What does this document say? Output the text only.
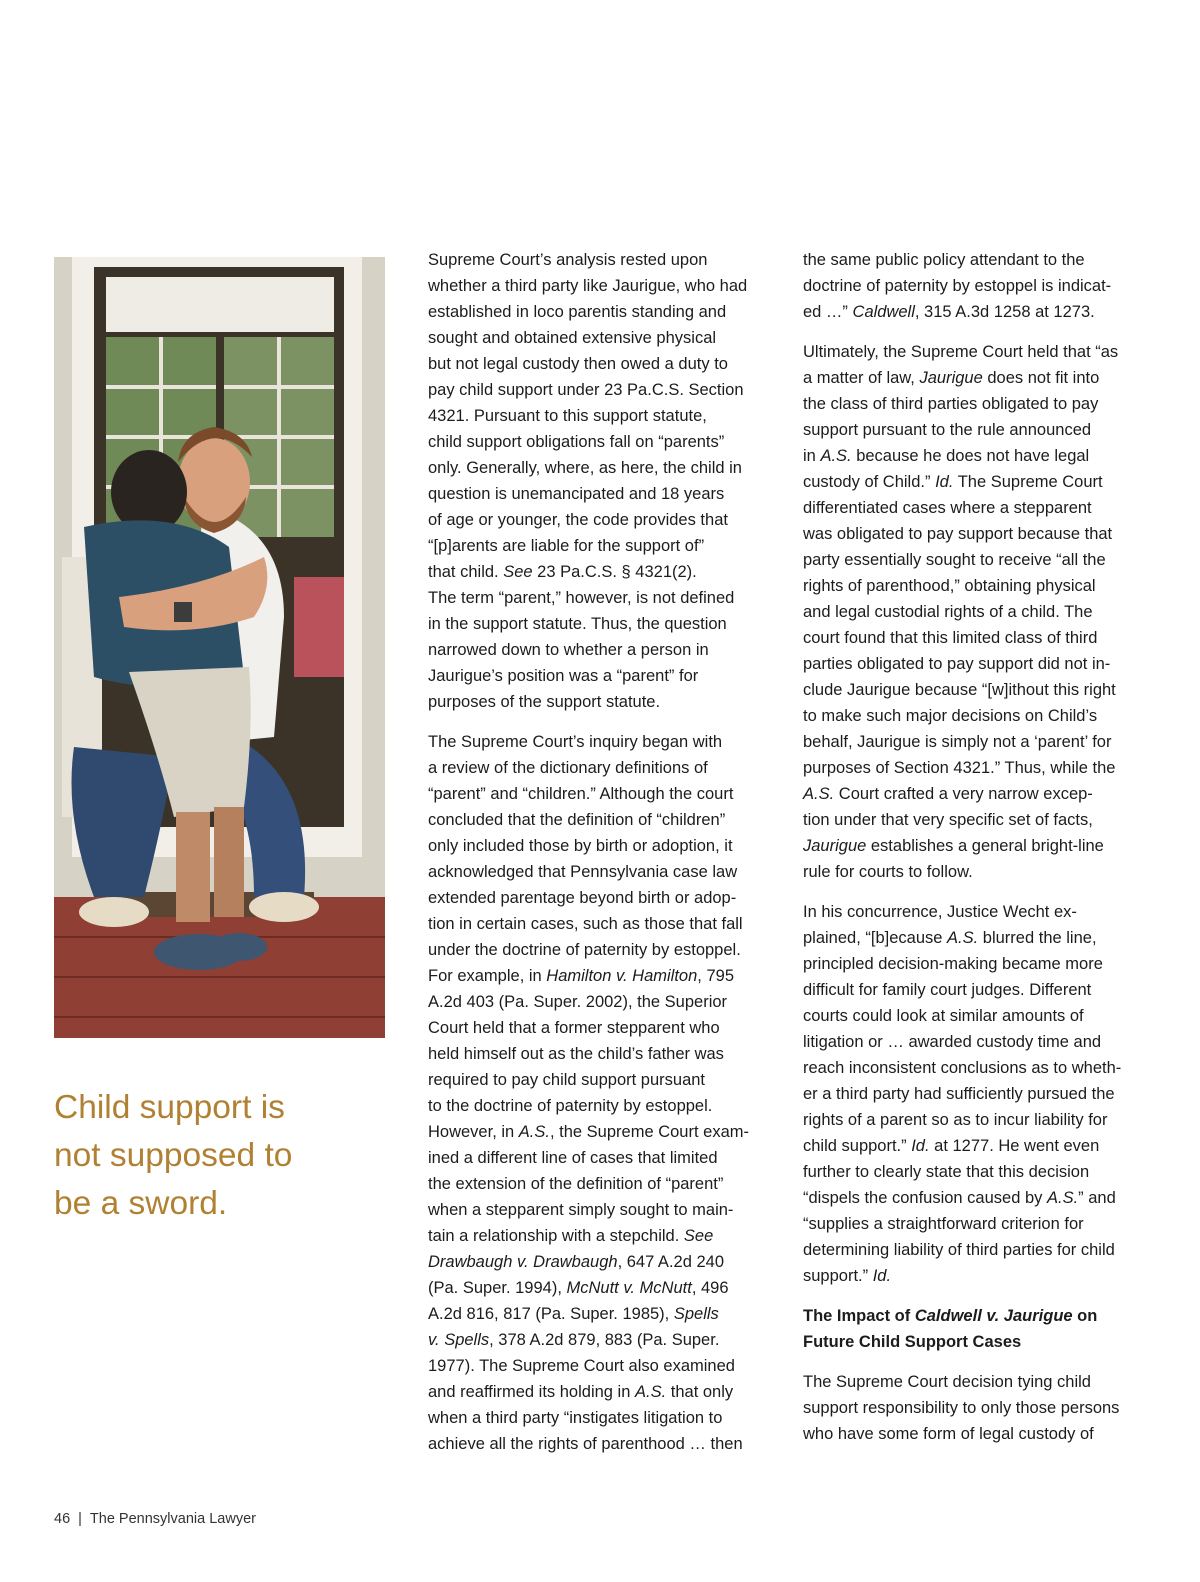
Child support is
not supposed to
be a sword.

Supreme Court’s analysis rested upon
whether a third party like Jaurigue, who had
established in loco parentis standing and
sought and obtained extensive physical
but not legal custody then owed a duty to
pay child support under 23 Pa.C.S. Section
4321. Pursuant to this support statute,
child support obligations fall on “parents”
only. Generally, where, as here, the child in
question is unemancipated and 18 years
of age or younger, the code provides that
“[p]arents are liable for the support of”
that child. See 23 Pa.C.S. § 4321(2).
The term “parent,” however, is not defined
in the support statute. Thus, the question
narrowed down to whether a person in
Jaurigue’s position was a “parent” for
purposes of the support statute.

The Supreme Court’s inquiry began with
a review of the dictionary definitions of
“parent” and “children.” Although the court
concluded that the definition of “children”
only included those by birth or adoption, it
acknowledged that Pennsylvania case law
extended parentage beyond birth or adop-
tion in certain cases, such as those that fall
under the doctrine of paternity by estoppel.
For example, in Hamilton v. Hamilton, 795
A.2d 403 (Pa. Super. 2002), the Superior
Court held that a former stepparent who
held himself out as the child’s father was
required to pay child support pursuant
to the doctrine of paternity by estoppel.
However, in A.S., the Supreme Court exam-
ined a different line of cases that limited
the extension of the definition of “parent”
when a stepparent simply sought to main-
tain a relationship with a stepchild. See
Drawbaugh v. Drawbaugh, 647 A.2d 240
(Pa. Super. 1994), McNutt v. McNutt, 496
A.2d 816, 817 (Pa. Super. 1985), Spells
v. Spells, 378 A.2d 879, 883 (Pa. Super.
1977). The Supreme Court also examined
and reaffirmed its holding in A.S. that only
when a third party “instigates litigation to
achieve all the rights of parenthood … then

the same public policy attendant to the
doctrine of paternity by estoppel is indicat-
ed …” Caldwell, 315 A.3d 1258 at 1273.

Ultimately, the Supreme Court held that “as
a matter of law, Jaurigue does not fit into
the class of third parties obligated to pay
support pursuant to the rule announced
in A.S. because he does not have legal
custody of Child.” Id. The Supreme Court
differentiated cases where a stepparent
was obligated to pay support because that
party essentially sought to receive “all the
rights of parenthood,” obtaining physical
and legal custodial rights of a child. The
court found that this limited class of third
parties obligated to pay support did not in-
clude Jaurigue because “[w]ithout this right
to make such major decisions on Child’s
behalf, Jaurigue is simply not a ‘parent’ for
purposes of Section 4321.” Thus, while the
A.S. Court crafted a very narrow excep-
tion under that very specific set of facts,
Jaurigue establishes a general bright-line
rule for courts to follow.

In his concurrence, Justice Wecht ex-
plained, “[b]ecause A.S. blurred the line,
principled decision-making became more
difficult for family court judges. Different
courts could look at similar amounts of
litigation or … awarded custody time and
reach inconsistent conclusions as to wheth-
er a third party had sufficiently pursued the
rights of a parent so as to incur liability for
child support.” Id. at 1277. He went even
further to clearly state that this decision
“dispels the confusion caused by A.S.” and
“supplies a straightforward criterion for
determining liability of third parties for child
support.” Id.

The Impact of Caldwell v. Jaurigue on
Future Child Support Cases

The Supreme Court decision tying child
support responsibility to only those persons
who have some form of legal custody of

46 | The Pennsylvania Lawyer
